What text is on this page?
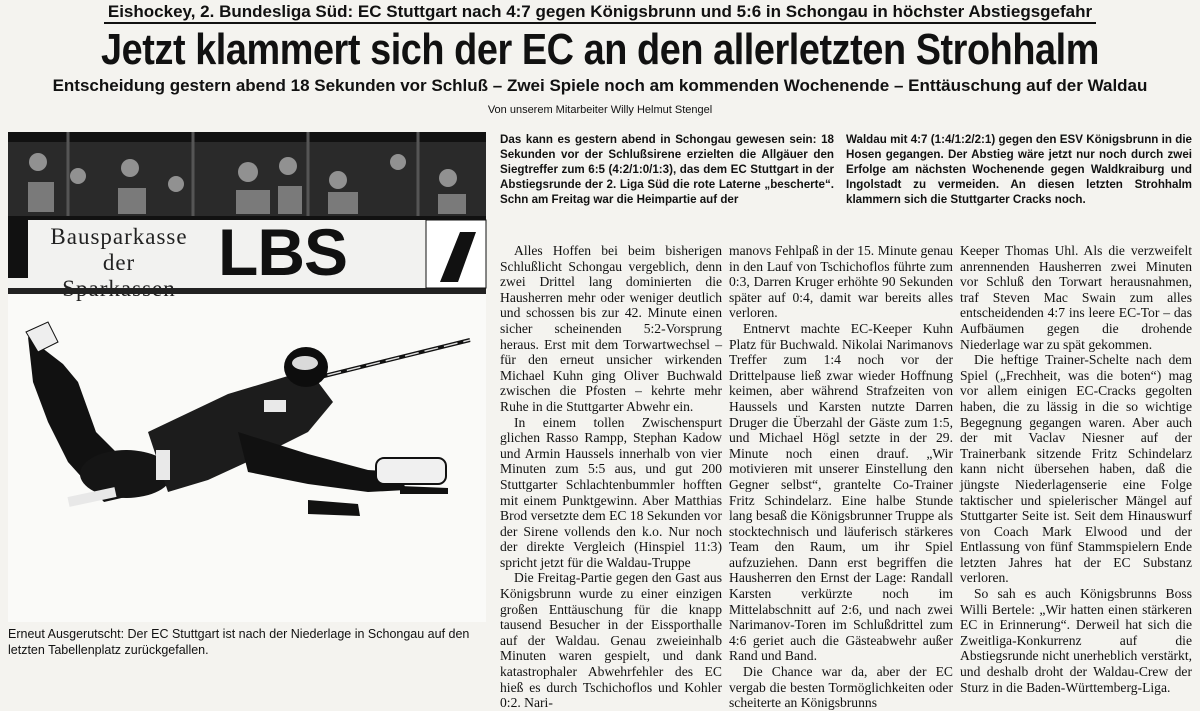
Eishockey, 2. Bundesliga Süd: EC Stuttgart nach 4:7 gegen Königsbrunn und 5:6 in Schongau in höchster Abstiegsgefahr
Jetzt klammert sich der EC an den allerletzten Strohhalm
Entscheidung gestern abend 18 Sekunden vor Schluß – Zwei Spiele noch am kommenden Wochenende – Enttäuschung auf der Waldau
Von unserem Mitarbeiter Willy Helmut Stengel
Bausparkasse
der
Sparkassen LBS
Erneut Ausgerutscht: Der EC Stuttgart ist nach der Niederlage in Schongau auf den letzten Tabellenplatz zurückgefallen.
Das kann es gestern abend in Schongau gewesen sein: 18 Sekunden vor der Schlußsirene erzielten die Allgäuer den Siegtreffer zum 6:5 (4:2/1:0/1:3), das dem EC Stuttgart in der Abstiegsrunde der 2. Liga Süd die rote Laterne „bescherte“. Schn am Freitag war die Heimpartie auf der
Waldau mit 4:7 (1:4/1:2/2:1) gegen den ESV Königsbrunn in die Hosen gegangen. Der Abstieg wäre jetzt nur noch durch zwei Erfolge am nächsten Wochenende gegen Waldkraiburg und Ingolstadt zu vermeiden. An diesen letzten Strohhalm klammern sich die Stuttgarter Cracks noch.

Alles Hoffen bei beim bisherigen Schlußlicht Schongau vergeblich, denn zwei Drittel lang dominierten die Hausherren mehr oder weniger deutlich und schossen bis zur 42. Minute einen sicher scheinenden 5:2-Vorsprung heraus. Erst mit dem Torwartwechsel – für den erneut unsicher wirkenden Michael Kuhn ging Oliver Buchwald zwischen die Pfosten – kehrte mehr Ruhe in die Stuttgarter Abwehr ein.

In einem tollen Zwischenspurt glichen Rasso Rampp, Stephan Kadow und Armin Haussels innerhalb von vier Minuten zum 5:5 aus, und gut 200 Stuttgarter Schlachtenbummler hofften mit einem Punktgewinn. Aber Matthias Brod versetzte dem EC 18 Sekunden vor der Sirene vollends den k.o. Nur noch der direkte Vergleich (Hinspiel 11:3) spricht jetzt für die Waldau-Truppe

Die Freitag-Partie gegen den Gast aus Königsbrunn wurde zu einer einzigen großen Enttäuschung für die knapp tausend Besucher in der Eissporthalle auf der Waldau. Genau zweieinhalb Minuten waren gespielt, und dank katastrophaler Abwehrfehler des EC hieß es durch Tschichoflos und Kohler 0:2. Nari-

manovs Fehlpaß in der 15. Minute genau in den Lauf von Tschichoflos führte zum 0:3, Darren Kruger erhöhte 90 Sekunden später auf 0:4, damit war bereits alles verloren.

Entnervt machte EC-Keeper Kuhn Platz für Buchwald. Nikolai Narimanovs Treffer zum 1:4 noch vor der Drittelpause ließ zwar wieder Hoffnung keimen, aber während Strafzeiten von Haussels und Karsten nutzte Darren Druger die Überzahl der Gäste zum 1:5, und Michael Högl setzte in der 29. Minute noch einen drauf. „Wir motivieren mit unserer Einstellung den Gegner selbst“, grantelte Co-Trainer Fritz Schindelarz. Eine halbe Stunde lang besaß die Königsbrunner Truppe als stocktechnisch und läuferisch stärkeres Team den Raum, um ihr Spiel aufzuziehen. Dann erst begriffen die Hausherren den Ernst der Lage: Randall Karsten verkürzte noch im Mittelabschnitt auf 2:6, und nach zwei Narimanov-Toren im Schlußdrittel zum 4:6 geriet auch die Gästeabwehr außer Rand und Band.

Die Chance war da, aber der EC vergab die besten Tormöglichkeiten oder scheiterte an Königsbrunns

Keeper Thomas Uhl. Als die verzweifelt anrennenden Hausherren zwei Minuten vor Schluß den Torwart herausnahmen, traf Steven Mac Swain zum alles entscheidenden 4:7 ins leere EC-Tor – das Aufbäumen gegen die drohende Niederlage war zu spät gekommen.

Die heftige Trainer-Schelte nach dem Spiel („Frechheit, was die boten“) mag vor allem einigen EC-Cracks gegolten haben, die zu lässig in die so wichtige Begegnung gegangen waren. Aber auch der mit Vaclav Niesner auf der Trainerbank sitzende Fritz Schindelarz kann nicht übersehen haben, daß die jüngste Niederlagenserie eine Folge taktischer und spielerischer Mängel auf Stuttgarter Seite ist. Seit dem Hinauswurf von Coach Mark Elwood und der Entlassung von fünf Stammspielern Ende letzten Jahres hat der EC Substanz verloren.

So sah es auch Königsbrunns Boss Willi Bertele: „Wir hatten einen stärkeren EC in Erinnerung“. Derweil hat sich die Zweitliga-Konkurrenz auf die Abstiegsrunde nicht unerheblich verstärkt, und deshalb droht der Waldau-Crew der Sturz in die Baden-Württemberg-Liga.
